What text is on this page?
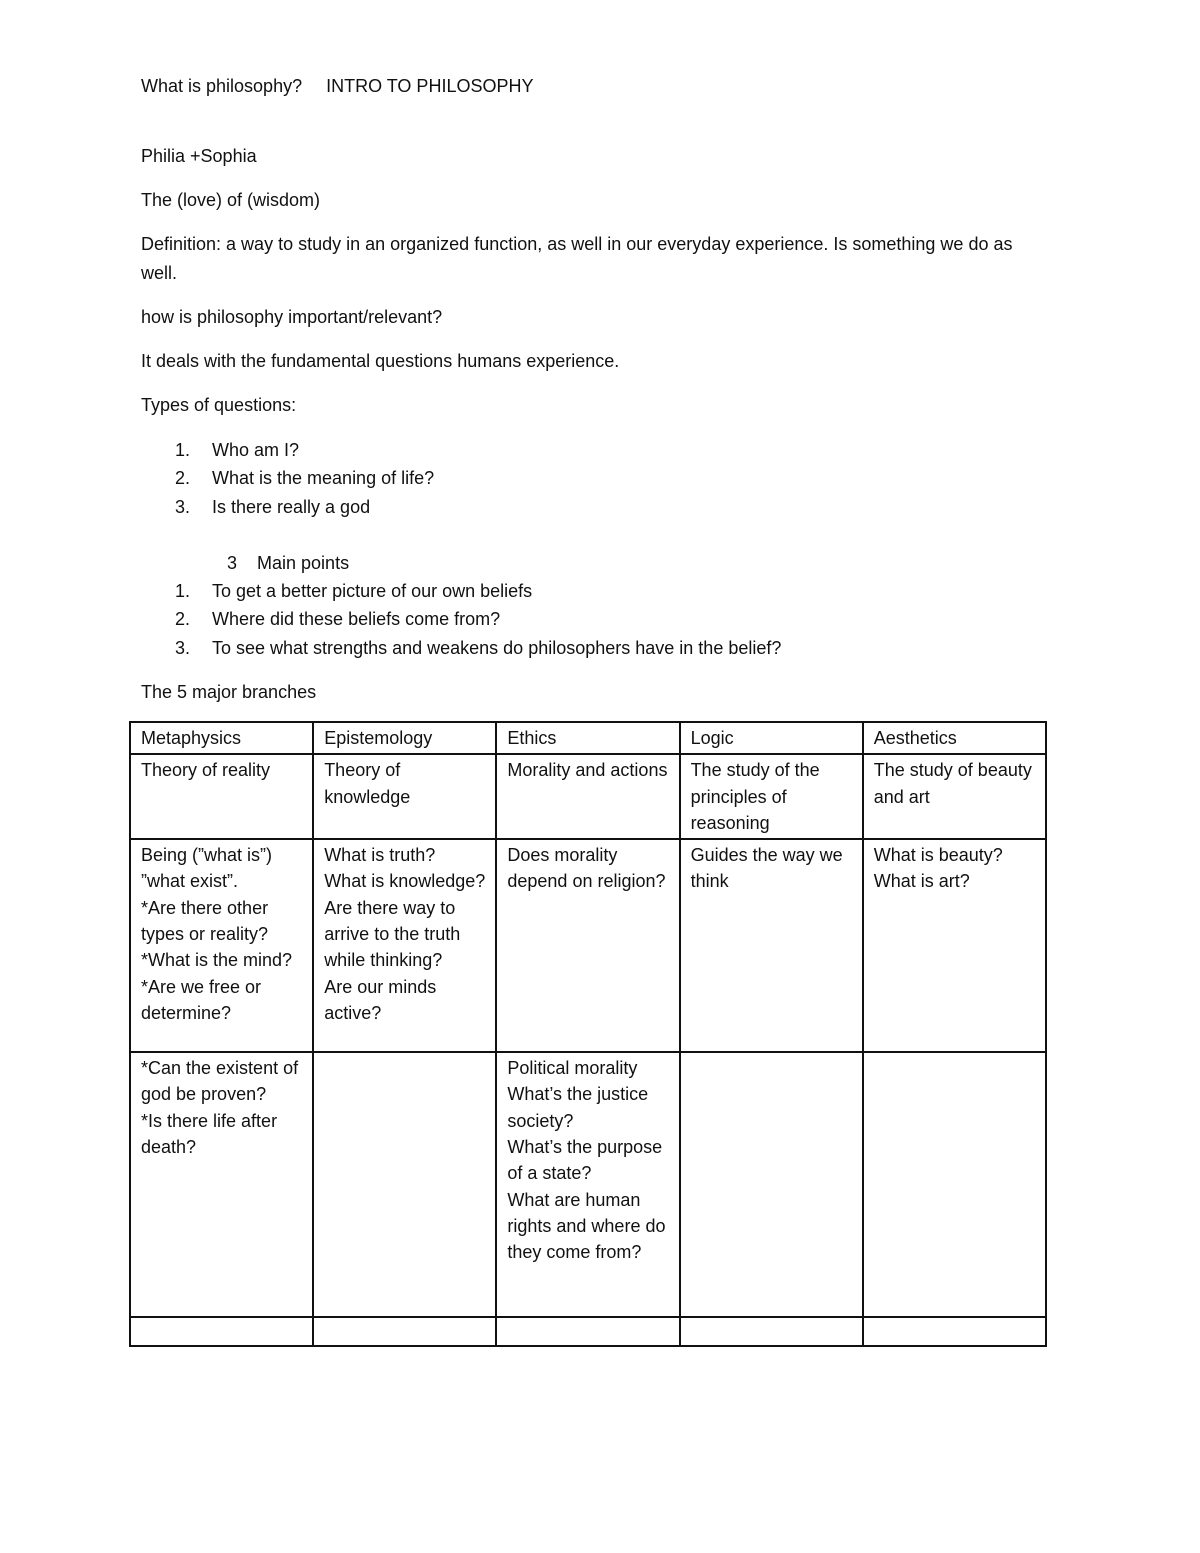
What is philosophy? INTRO TO PHILOSOPHY
Philia +Sophia
The (love) of (wisdom)
Definition: a way to study in an organized function, as well in our everyday experience. Is something we do as well.
how is philosophy important/relevant?
It deals with the fundamental questions humans experience.
Types of questions:
1. Who am I?
2. What is the meaning of life?
3. Is there really a god
3 Main points
1. To get a better picture of our own beliefs
2. Where did these beliefs come from?
3. To see what strengths and weakens do philosophers have in the belief?
The 5 major branches
Metaphysics	Epistemology	Ethics	Logic	Aesthetics

Theory of reality	Theory of knowledge	Morality and actions	The study of the principles of reasoning	The study of beauty and art

Being (”what is”) ”what exist”.
*Are there other types or reality?
*What is the mind?
*Are we free or determine?	What is truth?
What is knowledge?
Are there way to arrive to the truth while thinking?
Are our minds active?	Does morality depend on religion?	Guides the way we think	What is beauty?
What is art?

*Can the existent of god be proven?
*Is there life after death?		Political morality
What’s the justice society?
What’s the purpose of a state?
What are human rights and where do they come from?		
